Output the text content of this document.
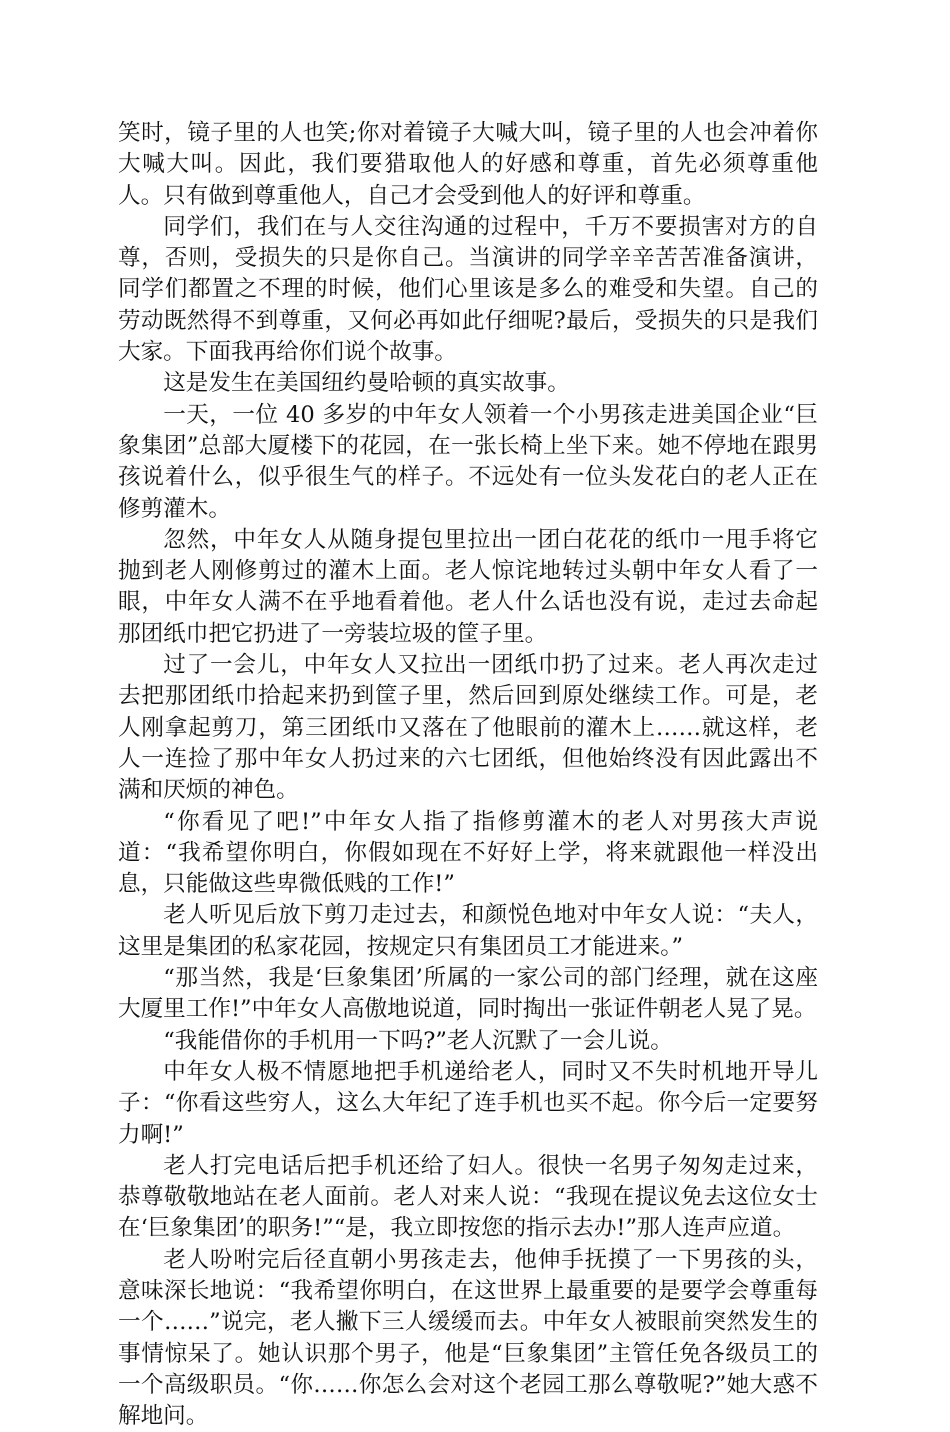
笑时，镜子里的人也笑;你对着镜子大喊大叫，镜子里的人也会冲着你大喊大叫。因此，我们要猎取他人的好感和尊重，首先必须尊重他人。只有做到尊重他人，自己才会受到他人的好评和尊重。

同学们，我们在与人交往沟通的过程中，千万不要损害对方的自尊，否则，受损失的只是你自己。当演讲的同学辛辛苦苦准备演讲，同学们都置之不理的时候，他们心里该是多么的难受和失望。自己的劳动既然得不到尊重，又何必再如此仔细呢?最后，受损失的只是我们大家。下面我再给你们说个故事。

这是发生在美国纽约曼哈顿的真实故事。

一天，一位 40 多岁的中年女人领着一个小男孩走进美国企业“巨象集团”总部大厦楼下的花园，在一张长椅上坐下来。她不停地在跟男孩说着什么，似乎很生气的样子。不远处有一位头发花白的老人正在修剪灌木。

忽然，中年女人从随身提包里拉出一团白花花的纸巾一甩手将它抛到老人刚修剪过的灌木上面。老人惊诧地转过头朝中年女人看了一眼，中年女人满不在乎地看着他。老人什么话也没有说，走过去命起那团纸巾把它扔进了一旁装垃圾的筐子里。

过了一会儿，中年女人又拉出一团纸巾扔了过来。老人再次走过去把那团纸巾拾起来扔到筐子里，然后回到原处继续工作。可是，老人刚拿起剪刀，第三团纸巾又落在了他眼前的灌木上……就这样，老人一连捡了那中年女人扔过来的六七团纸，但他始终没有因此露出不满和厌烦的神色。

“你看见了吧!”中年女人指了指修剪灌木的老人对男孩大声说道：“我希望你明白，你假如现在不好好上学，将来就跟他一样没出息，只能做这些卑微低贱的工作!”

老人听见后放下剪刀走过去，和颜悦色地对中年女人说：“夫人，这里是集团的私家花园，按规定只有集团员工才能进来。”

“那当然，我是‘巨象集团’所属的一家公司的部门经理，就在这座大厦里工作!”中年女人高傲地说道，同时掏出一张证件朝老人晃了晃。

“我能借你的手机用一下吗?”老人沉默了一会儿说。

中年女人极不情愿地把手机递给老人，同时又不失时机地开导儿子：“你看这些穷人，这么大年纪了连手机也买不起。你今后一定要努力啊!”

老人打完电话后把手机还给了妇人。很快一名男子匆匆走过来，恭尊敬敬地站在老人面前。老人对来人说：“我现在提议免去这位女士在‘巨象集团’的职务!”“是，我立即按您的指示去办!”那人连声应道。

老人吩咐完后径直朝小男孩走去，他伸手抚摸了一下男孩的头，意味深长地说：“我希望你明白，在这世界上最重要的是要学会尊重每一个……”说完，老人撇下三人缓缓而去。中年女人被眼前突然发生的事情惊呆了。她认识那个男子，他是“巨象集团”主管任免各级员工的一个高级职员。“你……你怎么会对这个老园工那么尊敬呢?”她大惑不解地问。
